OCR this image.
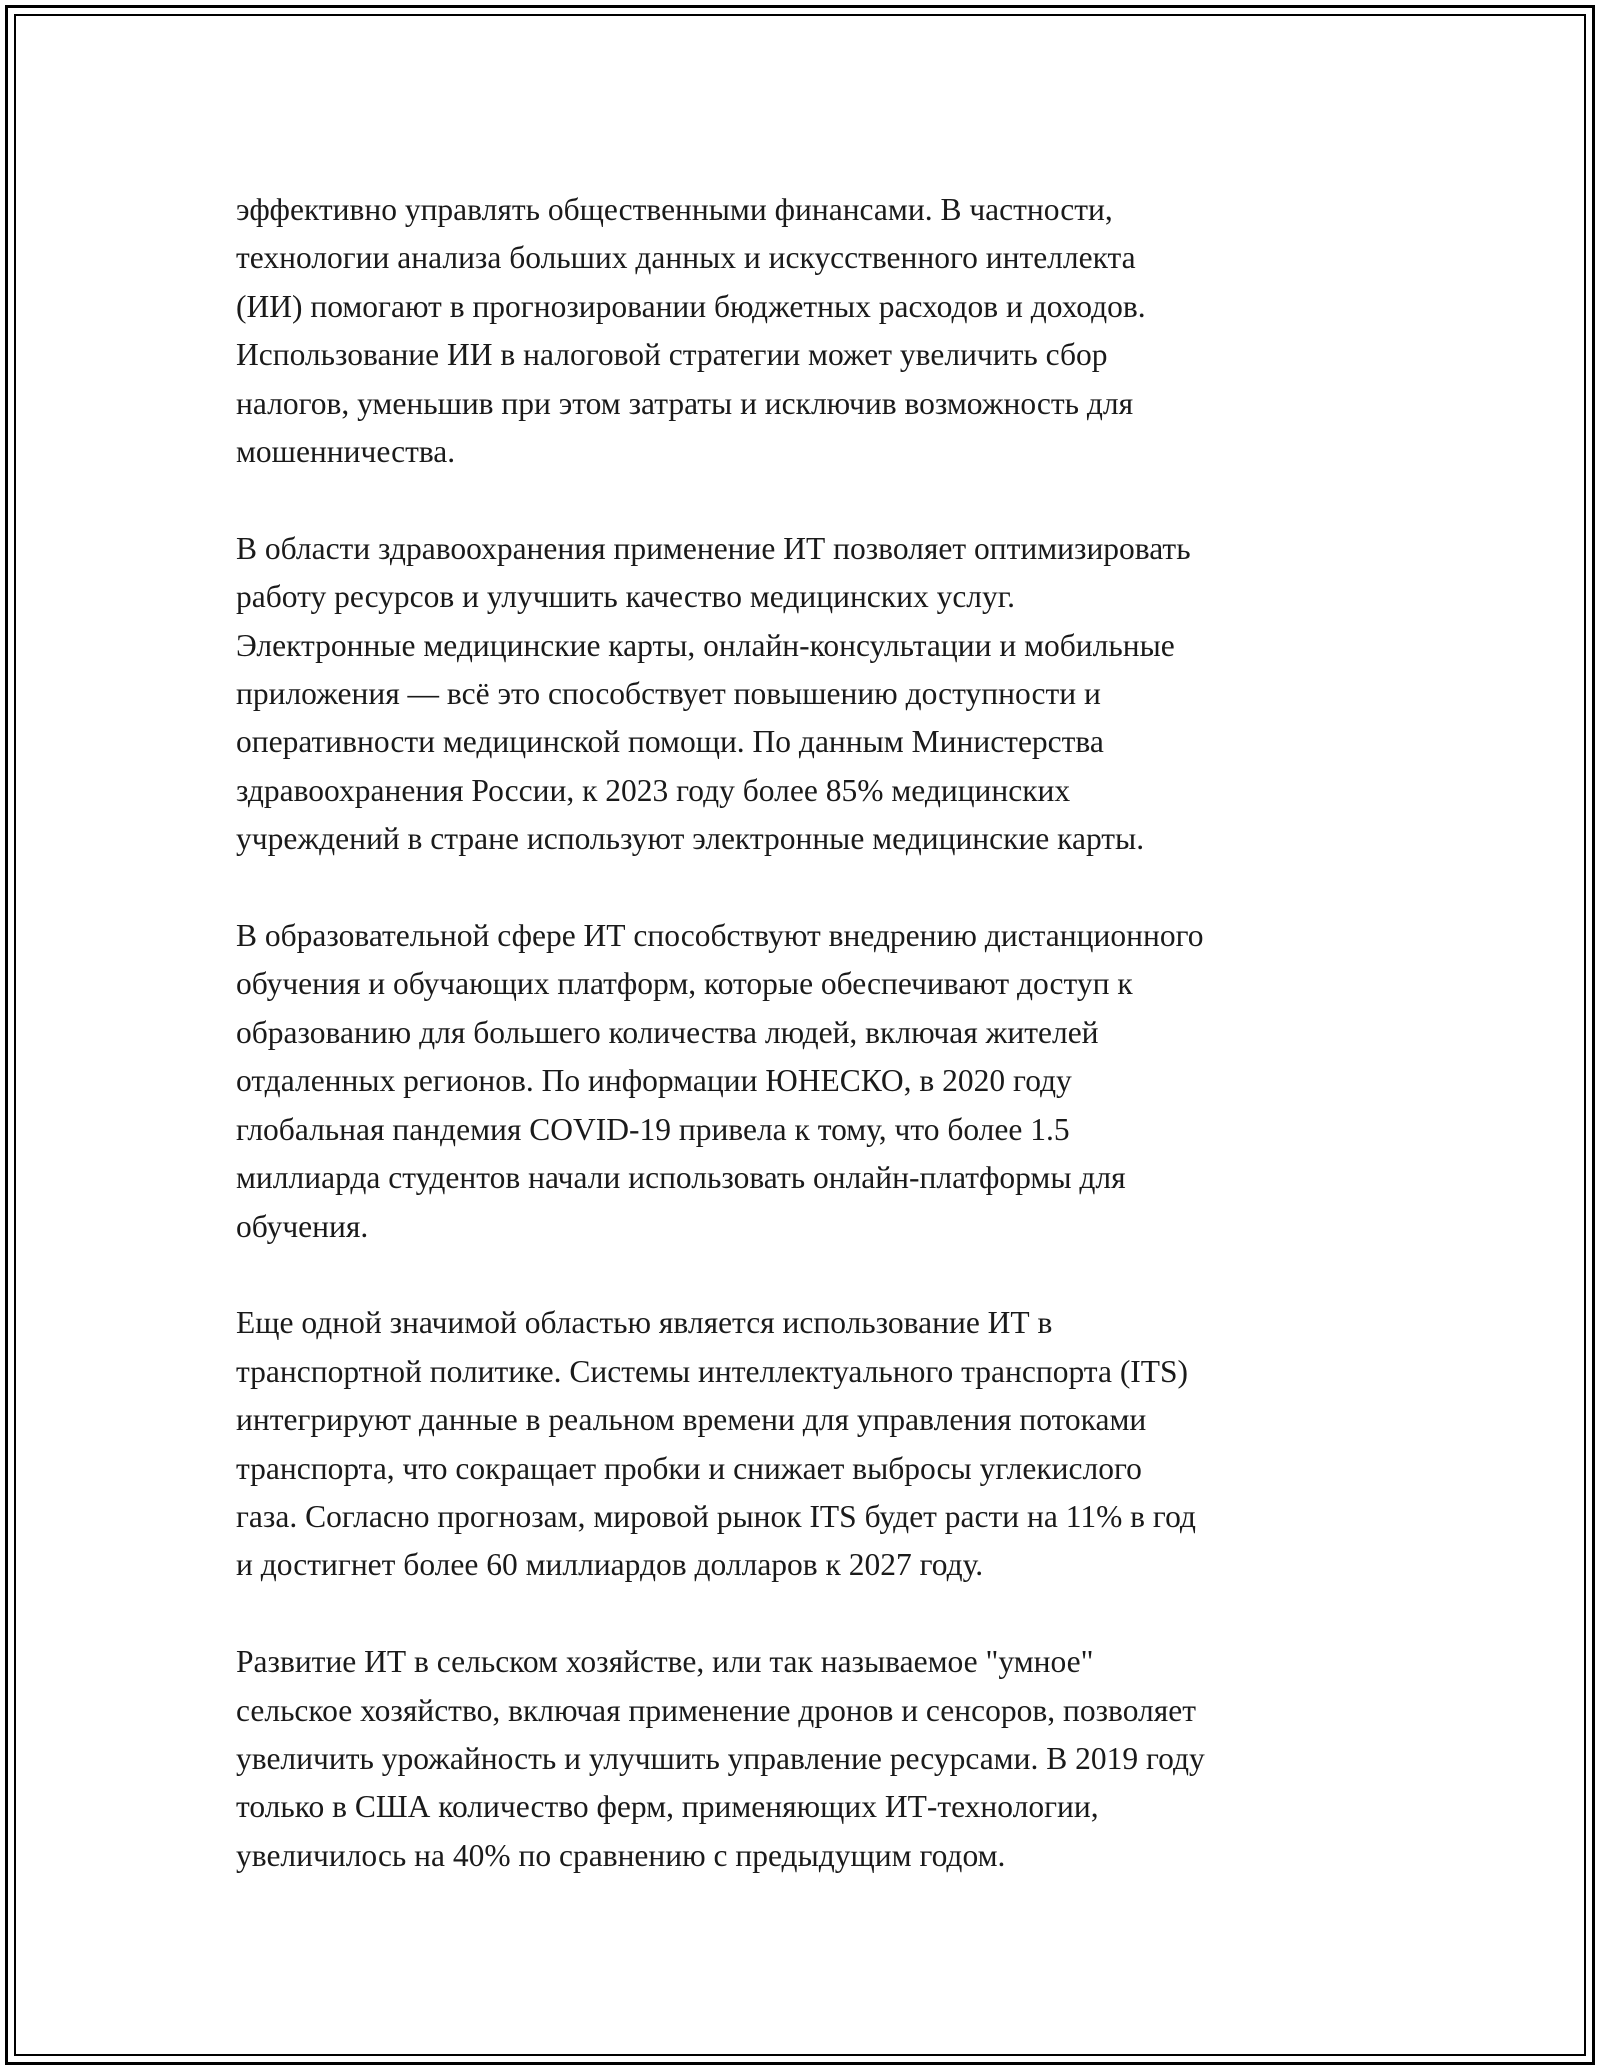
эффективно управлять общественными финансами. В частности,
технологии анализа больших данных и искусственного интеллекта
(ИИ) помогают в прогнозировании бюджетных расходов и доходов.
Использование ИИ в налоговой стратегии может увеличить сбор
налогов, уменьшив при этом затраты и исключив возможность для
мошенничества.
В области здравоохранения применение ИТ позволяет оптимизировать
работу ресурсов и улучшить качество медицинских услуг.
Электронные медицинские карты, онлайн-консультации и мобильные
приложения — всё это способствует повышению доступности и
оперативности медицинской помощи. По данным Министерства
здравоохранения России, к 2023 году более 85% медицинских
учреждений в стране используют электронные медицинские карты.
В образовательной сфере ИТ способствуют внедрению дистанционного
обучения и обучающих платформ, которые обеспечивают доступ к
образованию для большего количества людей, включая жителей
отдаленных регионов. По информации ЮНЕСКО, в 2020 году
глобальная пандемия COVID-19 привела к тому, что более 1.5
миллиарда студентов начали использовать онлайн-платформы для
обучения.
Еще одной значимой областью является использование ИТ в
транспортной политике. Системы интеллектуального транспорта (ITS)
интегрируют данные в реальном времени для управления потоками
транспорта, что сокращает пробки и снижает выбросы углекислого
газа. Согласно прогнозам, мировой рынок ITS будет расти на 11% в год
и достигнет более 60 миллиардов долларов к 2027 году.
Развитие ИТ в сельском хозяйстве, или так называемое "умное"
сельское хозяйство, включая применение дронов и сенсоров, позволяет
увеличить урожайность и улучшить управление ресурсами. В 2019 году
только в США количество ферм, применяющих ИТ-технологии,
увеличилось на 40% по сравнению с предыдущим годом.
